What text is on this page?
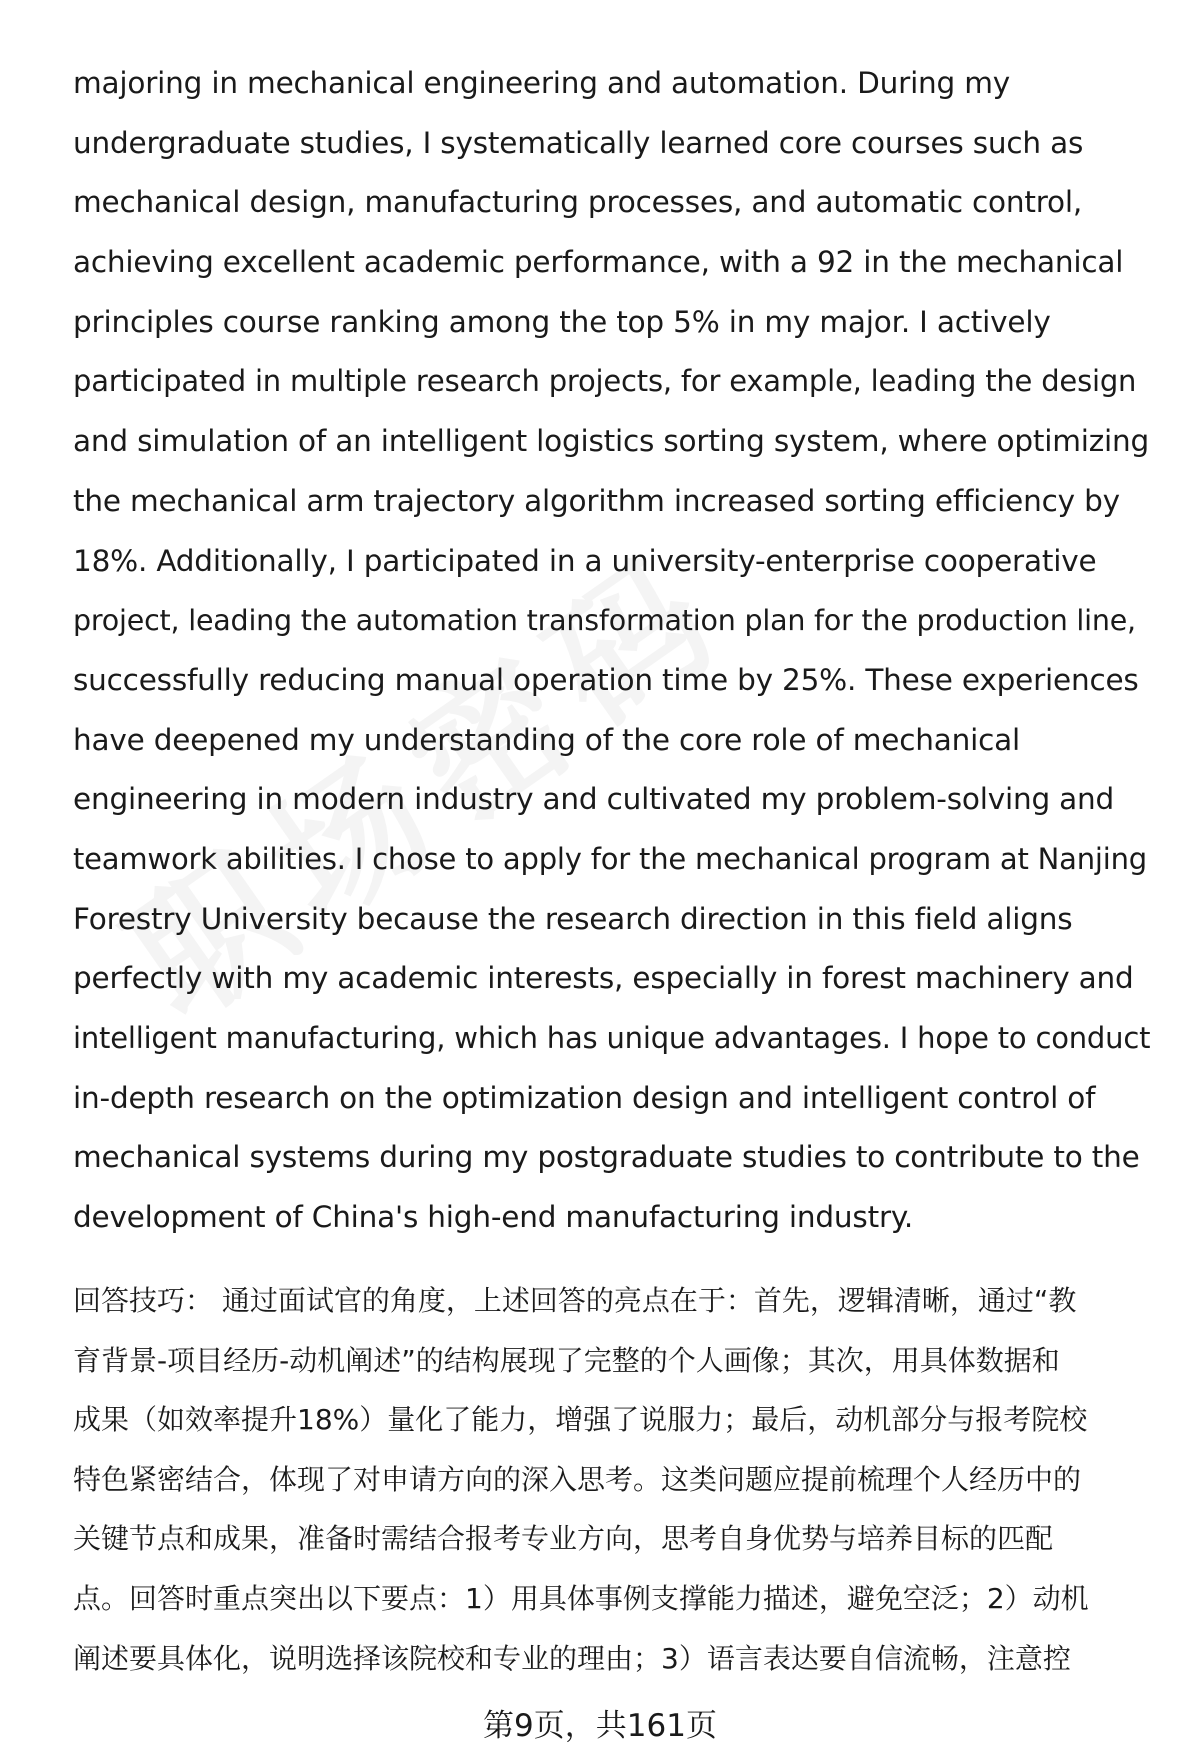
majoring in mechanical engineering and automation. During my
undergraduate studies, I systematically learned core courses such as
mechanical design, manufacturing processes, and automatic control,
achieving excellent academic performance, with a 92 in the mechanical
principles course ranking among the top 5% in my major. I actively
participated in multiple research projects, for example, leading the design
and simulation of an intelligent logistics sorting system, where optimizing
the mechanical arm trajectory algorithm increased sorting efficiency by
18%. Additionally, I participated in a university-enterprise cooperative
project, leading the automation transformation plan for the production line,
successfully reducing manual operation time by 25%. These experiences
have deepened my understanding of the core role of mechanical
engineering in modern industry and cultivated my problem-solving and
teamwork abilities. I chose to apply for the mechanical program at Nanjing
Forestry University because the research direction in this field aligns
perfectly with my academic interests, especially in forest machinery and
intelligent manufacturing, which has unique advantages. I hope to conduct
in-depth research on the optimization design and intelligent control of
mechanical systems during my postgraduate studies to contribute to the
development of China's high-end manufacturing industry.
回答技巧： 通过面试官的角度，上述回答的亮点在于：首先，逻辑清晰，通过“教
育背景-项目经历-动机阐述”的结构展现了完整的个人画像；其次，用具体数据和
成果（如效率提升18%）量化了能力，增强了说服力；最后，动机部分与报考院校
特色紧密结合，体现了对申请方向的深入思考。这类问题应提前梳理个人经历中的
关键节点和成果，准备时需结合报考专业方向，思考自身优势与培养目标的匹配
点。回答时重点突出以下要点：1）用具体事例支撑能力描述，避免空泛；2）动机
阐述要具体化，说明选择该院校和专业的理由；3）语言表达要自信流畅，注意控
第9页，共161页
